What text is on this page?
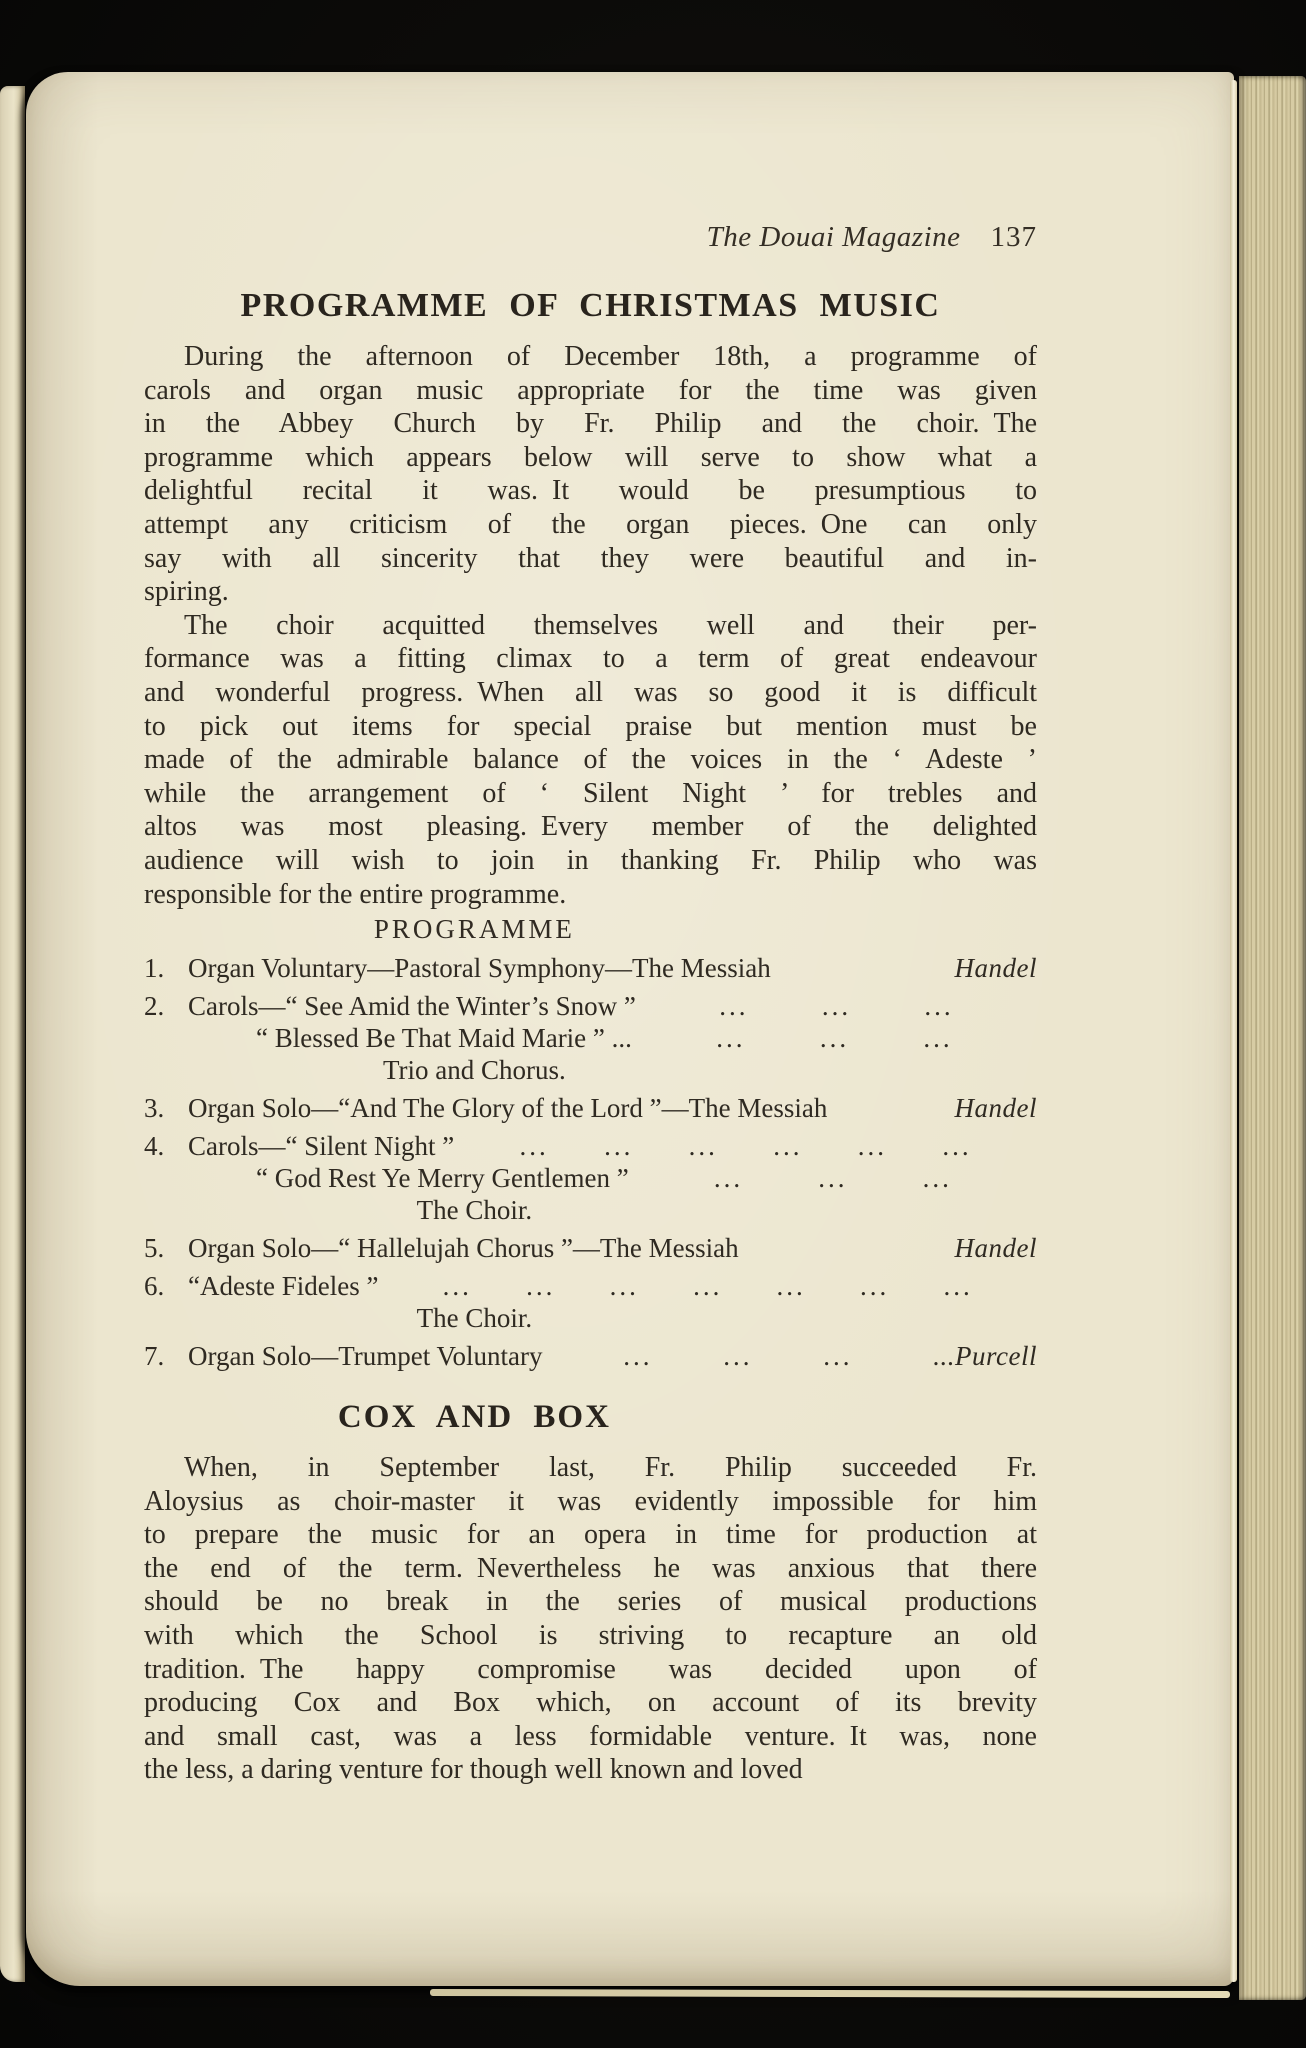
The Douai Magazine 137
PROGRAMME OF CHRISTMAS MUSIC
During the afternoon of December 18th, a programme of
carols and organ music appropriate for the time was given
in the Abbey Church by Fr. Philip and the choir. The
programme which appears below will serve to show what a
delightful recital it was. It would be presumptious to
attempt any criticism of the organ pieces. One can only
say with all sincerity that they were beautiful and in-
spiring.
The choir acquitted themselves well and their per-
formance was a fitting climax to a term of great endeavour
and wonderful progress. When all was so good it is difficult
to pick out items for special praise but mention must be
made of the admirable balance of the voices in the ‘ Adeste ’
while the arrangement of ‘ Silent Night ’ for trebles and
altos was most pleasing. Every member of the delighted
audience will wish to join in thanking Fr. Philip who was
responsible for the entire programme.
PROGRAMME
1. Organ Voluntary—Pastoral Symphony—The Messiah	Handel
2. Carols—“ See Amid the Winter’s Snow ”	...	...	...
“ Blessed Be That Maid Marie ” ...	...	...	...
Trio and Chorus.
3. Organ Solo—“And The Glory of the Lord ”—The Messiah	Handel
4. Carols—“ Silent Night ” ... ... ... ... ... ...
“ God Rest Ye Merry Gentlemen ”	...	...	...
The Choir.
5. Organ Solo—“ Hallelujah Chorus ”—The Messiah	Handel
6. “Adeste Fideles ” ... ... ... ... ... ... ...
The Choir.
7. Organ Solo—Trumpet Voluntary	...	...	...	...Purcell
COX AND BOX
When, in September last, Fr. Philip succeeded Fr.
Aloysius as choir-master it was evidently impossible for him
to prepare the music for an opera in time for production at
the end of the term. Nevertheless he was anxious that there
should be no break in the series of musical productions
with which the School is striving to recapture an old
tradition. The happy compromise was decided upon of
producing Cox and Box which, on account of its brevity
and small cast, was a less formidable venture. It was, none
the less, a daring venture for though well known and loved
